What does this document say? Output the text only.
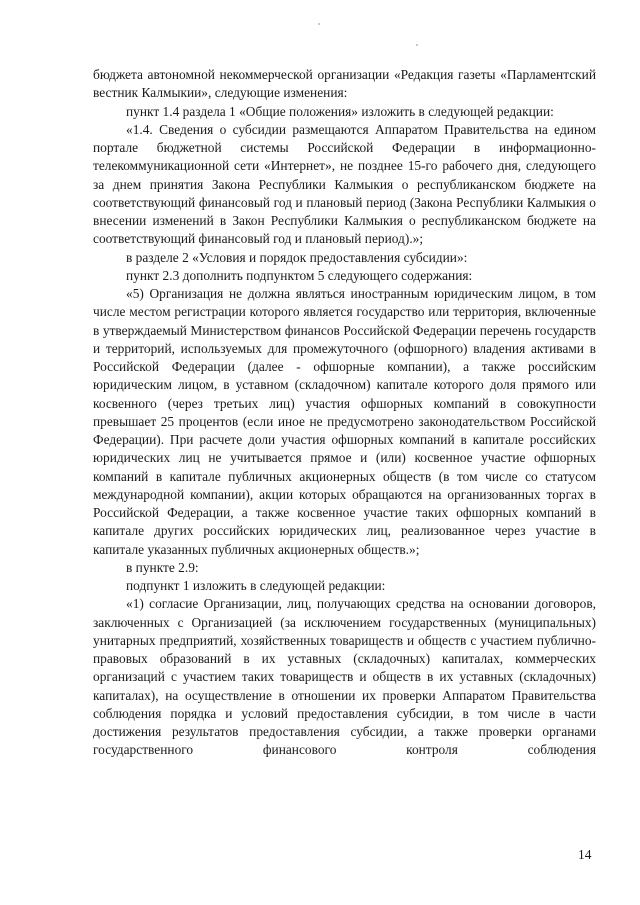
бюджета автономной некоммерческой организации «Редакция газеты «Парламентский вестник Калмыкии», следующие изменения:

пункт 1.4 раздела 1 «Общие положения» изложить в следующей редакции:

«1.4. Сведения о субсидии размещаются Аппаратом Правительства на едином портале бюджетной системы Российской Федерации в информационно-телекоммуникационной сети «Интернет», не позднее 15-го рабочего дня, следующего за днем принятия Закона Республики Калмыкия о республиканском бюджете на соответствующий финансовый год и плановый период (Закона Республики Калмыкия о внесении изменений в Закон Республики Калмыкия о республиканском бюджете на соответствующий финансовый год и плановый период).»;

в разделе 2 «Условия и порядок предоставления субсидии»:

пункт 2.3 дополнить подпунктом 5 следующего содержания:

«5) Организация не должна являться иностранным юридическим лицом, в том числе местом регистрации которого является государство или территория, включенные в утверждаемый Министерством финансов Российской Федерации перечень государств и территорий, используемых для промежуточного (офшорного) владения активами в Российской Федерации (далее - офшорные компании), а также российским юридическим лицом, в уставном (складочном) капитале которого доля прямого или косвенного (через третьих лиц) участия офшорных компаний в совокупности превышает 25 процентов (если иное не предусмотрено законодательством Российской Федерации). При расчете доли участия офшорных компаний в капитале российских юридических лиц не учитывается прямое и (или) косвенное участие офшорных компаний в капитале публичных акционерных обществ (в том числе со статусом международной компании), акции которых обращаются на организованных торгах в Российской Федерации, а также косвенное участие таких офшорных компаний в капитале других российских юридических лиц, реализованное через участие в капитале указанных публичных акционерных обществ.»;

в пункте 2.9:

подпункт 1 изложить в следующей редакции:

«1) согласие Организации, лиц, получающих средства на основании договоров, заключенных с Организацией (за исключением государственных (муниципальных) унитарных предприятий, хозяйственных товариществ и обществ с участием публично-правовых образований в их уставных (складочных) капиталах, коммерческих организаций с участием таких товариществ и обществ в их уставных (складочных) капиталах), на осуществление в отношении их проверки Аппаратом Правительства соблюдения порядка и условий предоставления субсидии, в том числе в части достижения результатов предоставления субсидии, а также проверки органами государственного финансового контроля соблюдения

14
